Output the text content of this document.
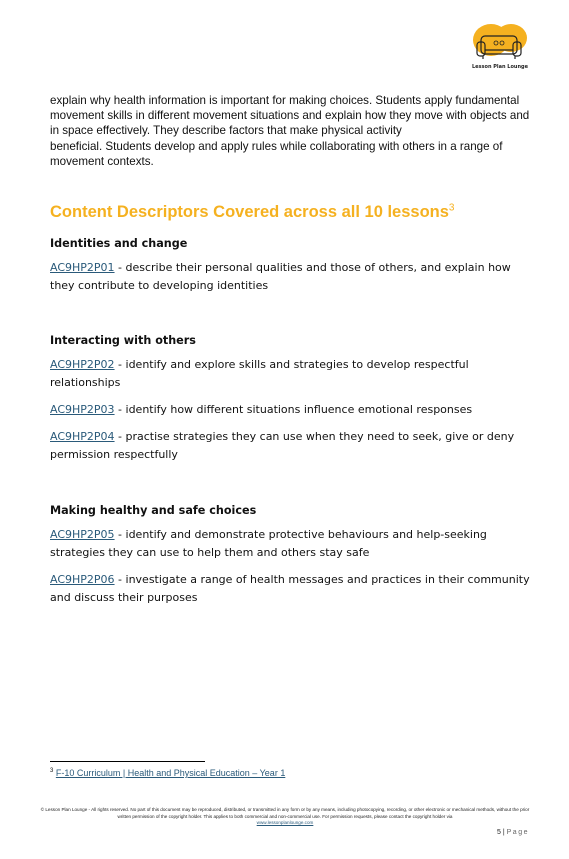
Lesson Plan Lounge

explain why health information is important for making choices. Students apply fundamental movement skills in different movement situations and explain how they move with objects and in space effectively. They describe factors that make physical activity

beneficial. Students develop and apply rules while collaborating with others in a range of movement contexts.

Content Descriptors Covered across all 10 lessons$^3$

Identities and change

AC9HP2P01 - describe their personal qualities and those of others, and explain how they contribute to developing identities

Interacting with others

AC9HP2P02 - identify and explore skills and strategies to develop respectful relationships

AC9HP2P03 - identify how different situations influence emotional responses

AC9HP2P04 - practise strategies they can use when they need to seek, give or deny permission respectfully

Making healthy and safe choices

AC9HP2P05 - identify and demonstrate protective behaviours and help-seeking strategies they can use to help them and others stay safe

AC9HP2P06 - investigate a range of health messages and practices in their community and discuss their purposes

$^3$ F-10 Curriculum | Health and Physical Education – Year 1
© Lesson Plan Lounge - All rights reserved. No part of this document may be reproduced, distributed, or transmitted in any form or by any means, including photocopying, recording, or other electronic or mechanical methods, without the prior written permission of the copyright holder. This applies to both commercial and non-commercial use. For permission requests, please contact the copyright holder via
www.lessonplanlounge.com
5 | Page
